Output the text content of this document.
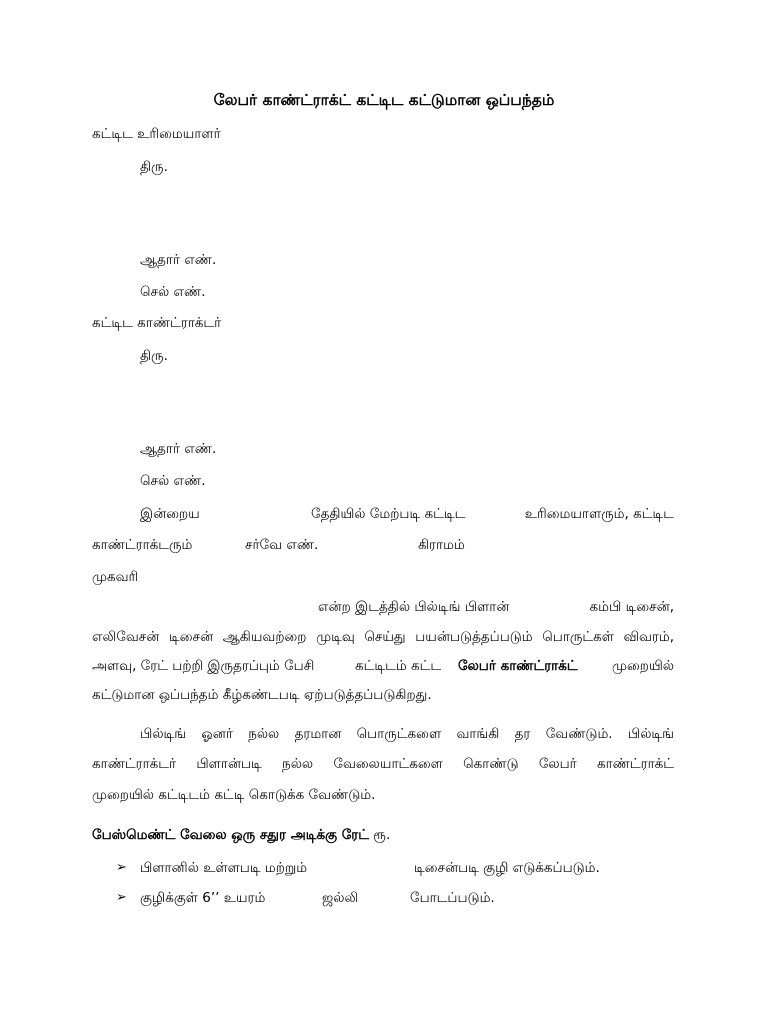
லேபர் காண்ட்ராக்ட் கட்டிட கட்டுமான ஒப்பந்தம்

கட்டிட உரிமையாளர்

திரு.

ஆதார் எண்.

செல் எண்.

கட்டிட காண்ட்ராக்டர்

திரு.

ஆதார் எண்.

செல் எண்.

இன்றைய	தேதியில் மேற்படி கட்டிட	உரிமையாளரும், கட்டிட

காண்ட்ராக்டரும்	சர்வே எண்.	கிராமம்

முகவரி

என்ற இடத்தில் பில்டிங் பிளான்	கம்பி டிசைன்,

எலிவேசன் டிசைன் ஆகியவற்றை முடிவு செய்து பயன்படுத்தப்படும் பொருட்கள் விவரம்,

அளவு, ரேட் பற்றி இருதரப்பும் பேசி	கட்டிடம் கட்ட லேபர் காண்ட்ராக்ட்	முறையில்

கட்டுமான ஒப்பந்தம் கீழ்கண்டபடி ஏற்படுத்தப்படுகிறது.

பில்டிங் ஓனர் நல்ல தரமான பொருட்களை வாங்கி தர வேண்டும். பில்டிங்

காண்ட்ராக்டர் பிளான்படி நல்ல வேலையாட்களை கொண்டு லேபர் காண்ட்ராக்ட்

முறையில் கட்டிடம் கட்டி கொடுக்க வேண்டும்.

பேஸ்மெண்ட் வேலை ஒரு சதுர அடிக்கு ரேட் ரூ.

➢ பிளானில் உள்ளபடி மற்றும்	டிசைன்படி குழி எடுக்கப்படும்.

➢ குழிக்குள் 6’’ உயரம்	ஜல்லி	போடப்படும்.
